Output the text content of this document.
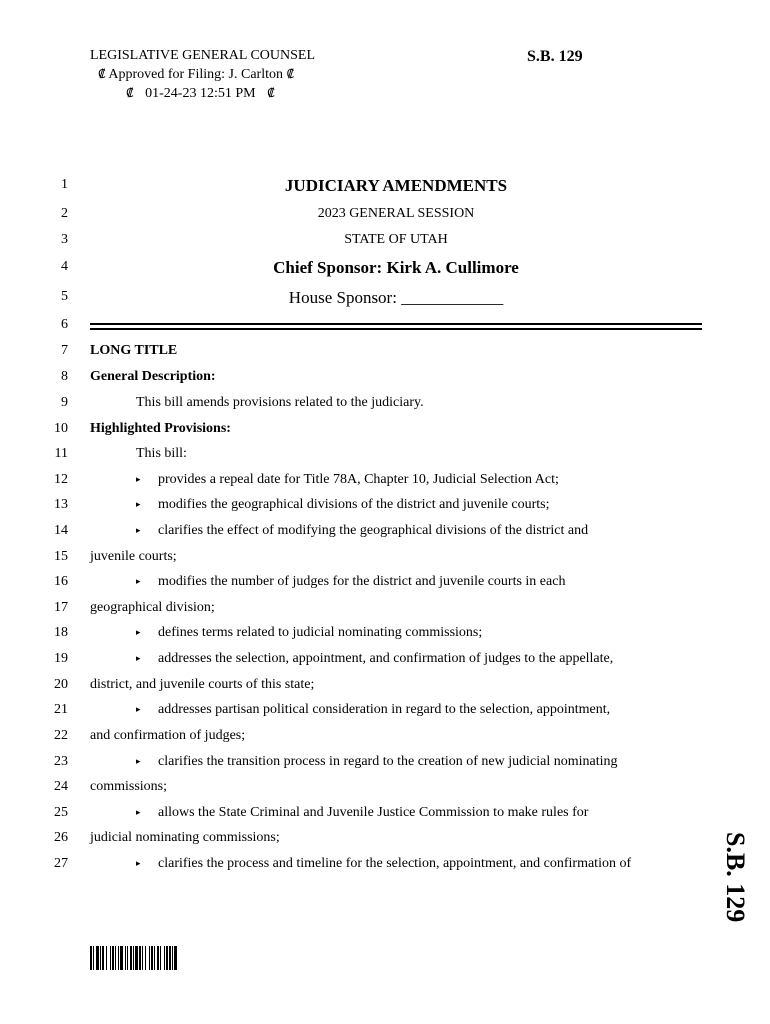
LEGISLATIVE GENERAL COUNSEL
₡ Approved for Filing: J. Carlton ₡
₡ 01-24-23 12:51 PM ₡
S.B. 129
1
2
3
4
5
6
7
8
9
10
11
12
13
14
15
16
17
18
19
20
21
22
23
24
25
26
27
JUDICIARY AMENDMENTS
2023 GENERAL SESSION
STATE OF UTAH
Chief Sponsor: Kirk A. Cullimore
House Sponsor: ____________
LONG TITLE
General Description:
This bill amends provisions related to the judiciary.
Highlighted Provisions:
This bill:
▸ provides a repeal date for Title 78A, Chapter 10, Judicial Selection Act;
▸ modifies the geographical divisions of the district and juvenile courts;
▸ clarifies the effect of modifying the geographical divisions of the district and
juvenile courts;
▸ modifies the number of judges for the district and juvenile courts in each
geographical division;
▸ defines terms related to judicial nominating commissions;
▸ addresses the selection, appointment, and confirmation of judges to the appellate,
district, and juvenile courts of this state;
▸ addresses partisan political consideration in regard to the selection, appointment,
and confirmation of judges;
▸ clarifies the transition process in regard to the creation of new judicial nominating
commissions;
▸ allows the State Criminal and Juvenile Justice Commission to make rules for
judicial nominating commissions;
▸ clarifies the process and timeline for the selection, appointment, and confirmation of	S.B. 129
